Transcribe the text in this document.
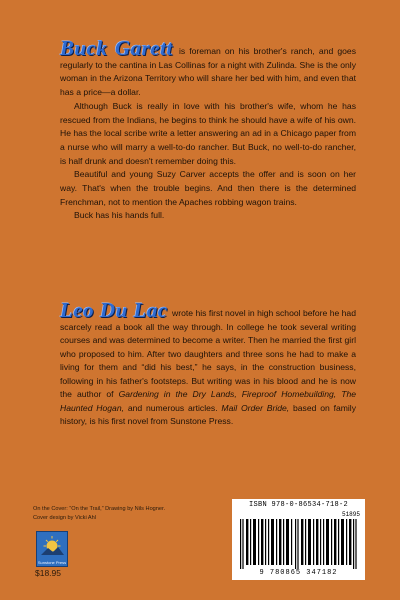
Buck Garett is foreman on his brother's ranch, and goes regularly to the cantina in Las Collinas for a night with Zulinda. She is the only woman in the Arizona Territory who will share her bed with him, and even that has a price—a dollar.

Although Buck is really in love with his brother's wife, whom he has rescued from the Indians, he begins to think he should have a wife of his own. He has the local scribe write a letter answering an ad in a Chicago paper from a nurse who will marry a well-to-do rancher. But Buck, no well-to-do rancher, is half drunk and doesn't remember doing this.

Beautiful and young Suzy Carver accepts the offer and is soon on her way. That's when the trouble begins. And then there is the determined Frenchman, not to mention the Apaches robbing wagon trains.

Buck has his hands full.

Leo Du Lac wrote his first novel in high school before he had scarcely read a book all the way through. In college he took several writing courses and was determined to become a writer. Then he married the first girl who proposed to him. After two daughters and three sons he had to make a living for them and “did his best,” he says, in the construction business, following in his father's footsteps. But writing was in his blood and he is now the author of Gardening in the Dry Lands, Fireproof Homebuilding, The Haunted Hogan, and numerous articles. Mail Order Bride, based on family history, is his first novel from Sunstone Press.

On the Cover: “On the Trail,” Drawing by Nils Hogner.
Cover design by Vicki Ahl
Sunstone Press
$18.95
ISBN 978-0-86534-718-2
51895
9 780865 347182
